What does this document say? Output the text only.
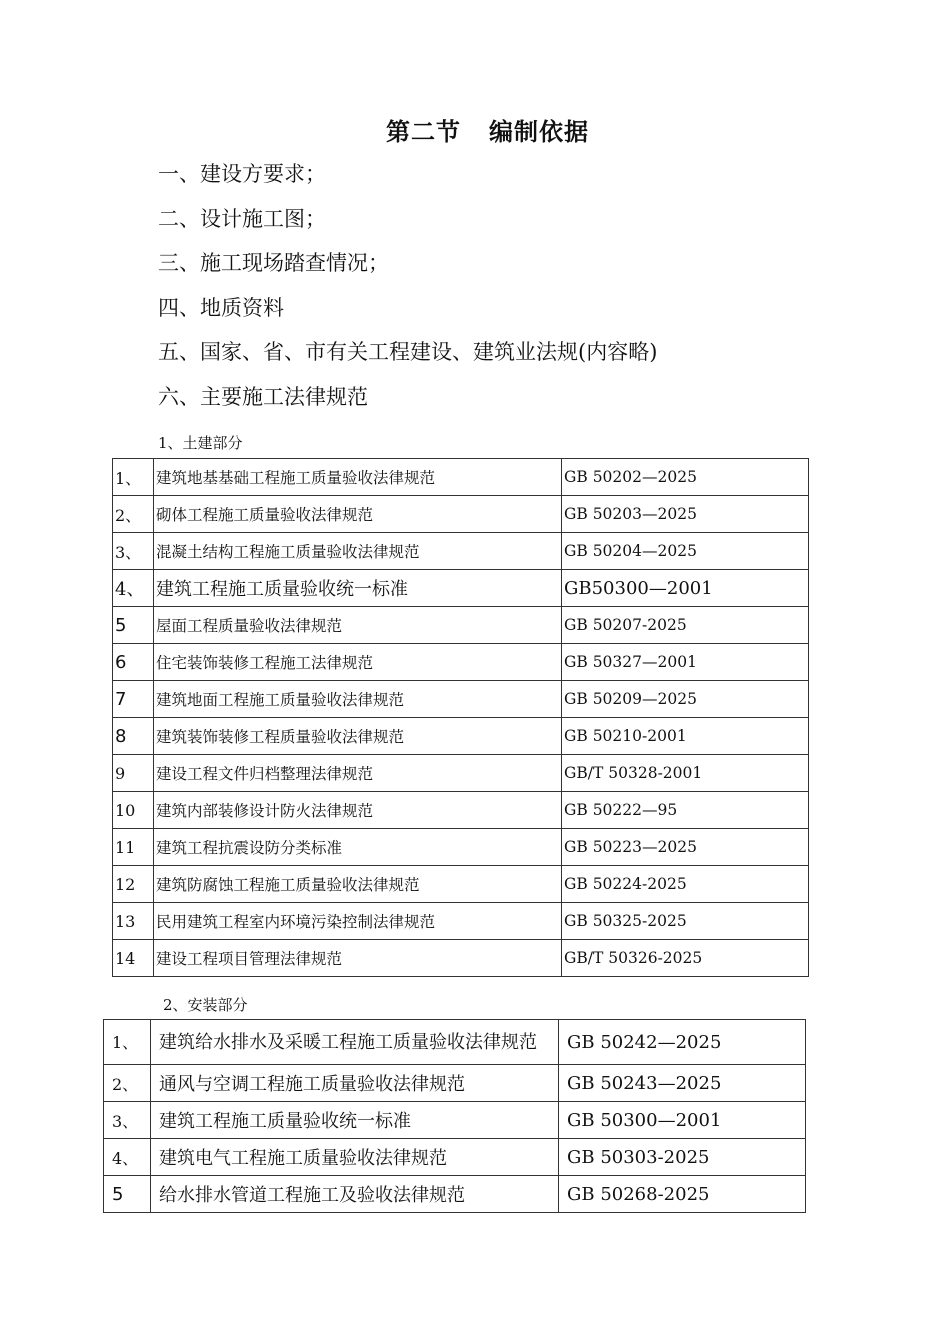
第二节   编制依据
一、建设方要求；
二、设计施工图；
三、施工现场踏查情况；
四、地质资料
五、国家、省、市有关工程建设、建筑业法规(内容略)
六、主要施工法律规范

1、土建部分

1、	建筑地基基础工程施工质量验收法律规范	GB 50202—2025
2、	砌体工程施工质量验收法律规范	GB 50203—2025
3、	混凝土结构工程施工质量验收法律规范	GB 50204—2025
4、	建筑工程施工质量验收统一标准	GB50300—2001
5	屋面工程质量验收法律规范	GB 50207-2025
6	住宅装饰装修工程施工法律规范	GB 50327—2001
7	建筑地面工程施工质量验收法律规范	GB 50209—2025
8	建筑装饰装修工程质量验收法律规范	GB 50210-2001
9	建设工程文件归档整理法律规范	GB/T 50328-2001
10	建筑内部装修设计防火法律规范	GB 50222—95
11	建筑工程抗震设防分类标准	GB 50223—2025
12	建筑防腐蚀工程施工质量验收法律规范	GB 50224-2025
13	民用建筑工程室内环境污染控制法律规范	GB 50325-2025
14	建设工程项目管理法律规范	GB/T 50326-2025

2、安装部分

1、	建筑给水排水及采暖工程施工质量验收法律规范	GB 50242—2025
2、	通风与空调工程施工质量验收法律规范	GB 50243—2025
3、	建筑工程施工质量验收统一标准	GB 50300—2001
4、	建筑电气工程施工质量验收法律规范	GB 50303-2025
5	给水排水管道工程施工及验收法律规范	GB 50268-2025
